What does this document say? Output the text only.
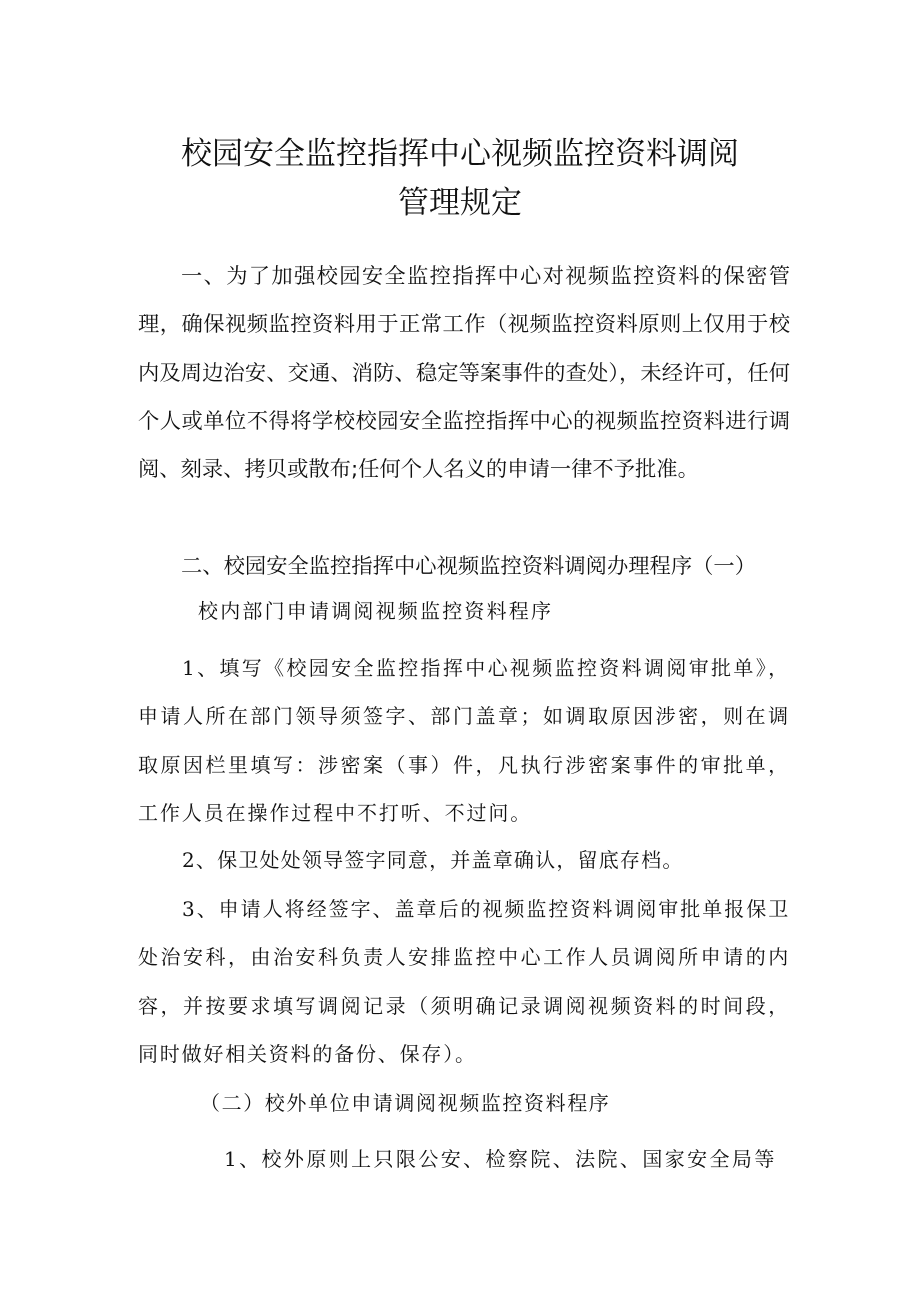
校园安全监控指挥中心视频监控资料调阅
管理规定
一、为了加强校园安全监控指挥中心对视频监控资料的保密管理，确保视频监控资料用于正常工作（视频监控资料原则上仅用于校内及周边治安、交通、消防、稳定等案事件的查处），未经许可，任何个人或单位不得将学校校园安全监控指挥中心的视频监控资料进行调阅、刻录、拷贝或散布;任何个人名义的申请一律不予批准。
二、校园安全监控指挥中心视频监控资料调阅办理程序（一）
校内部门申请调阅视频监控资料程序
1、填写《校园安全监控指挥中心视频监控资料调阅审批单》，申请人所在部门领导须签字、部门盖章；如调取原因涉密，则在调取原因栏里填写：涉密案（事）件，凡执行涉密案事件的审批单，工作人员在操作过程中不打听、不过问。
2、保卫处处领导签字同意，并盖章确认，留底存档。
3、申请人将经签字、盖章后的视频监控资料调阅审批单报保卫处治安科，由治安科负责人安排监控中心工作人员调阅所申请的内容，并按要求填写调阅记录（须明确记录调阅视频资料的时间段，同时做好相关资料的备份、保存）。
（二）校外单位申请调阅视频监控资料程序
1、校外原则上只限公安、检察院、法院、国家安全局等
